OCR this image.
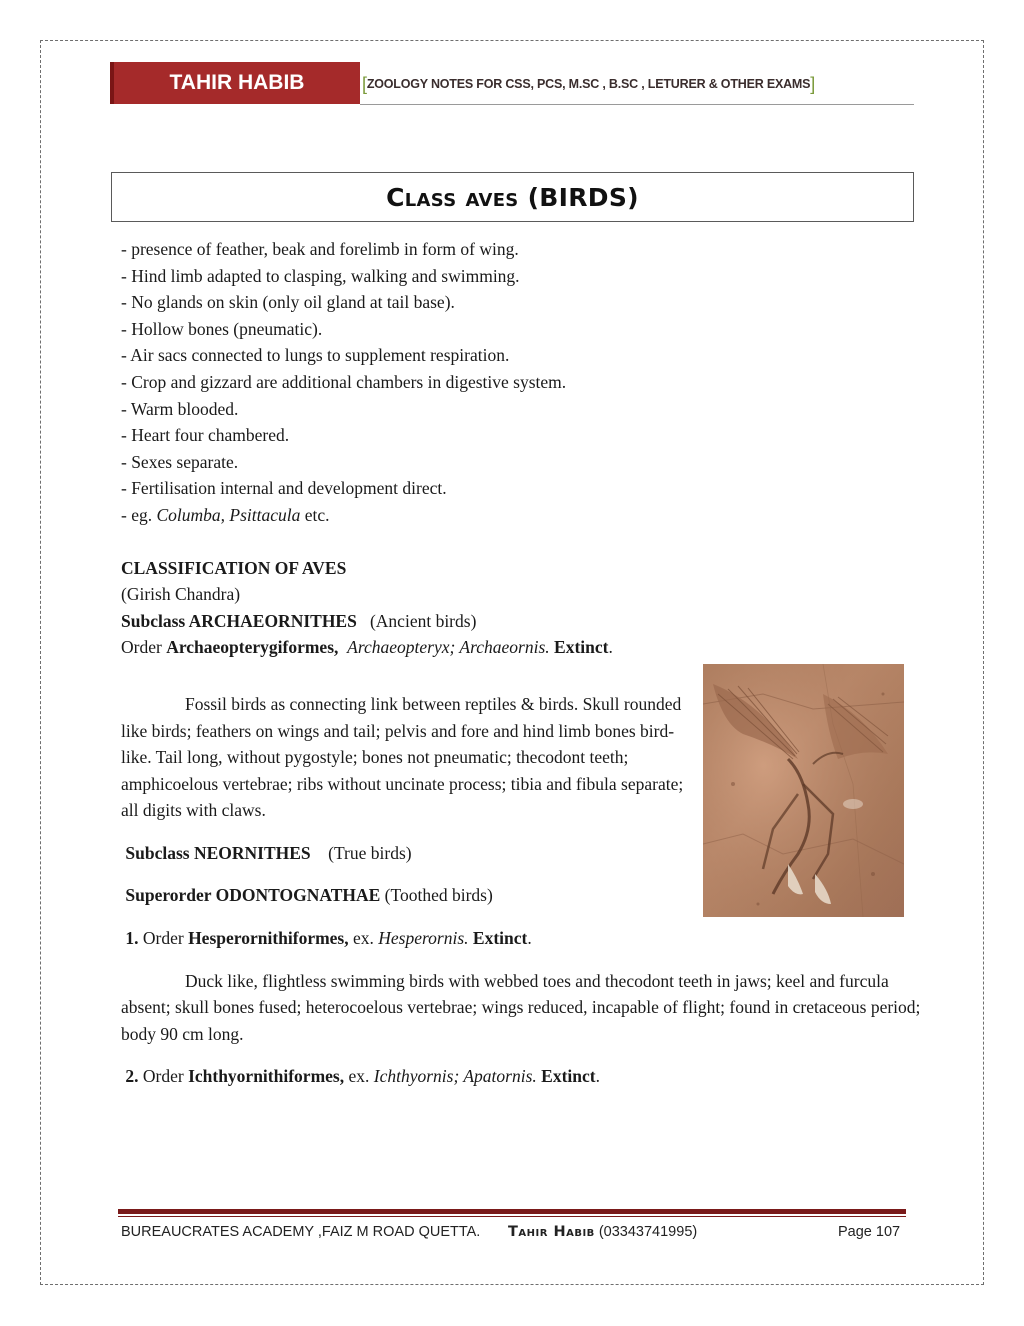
TAHIR HABIB	[ZOOLOGY NOTES FOR CSS, PCS, M.SC , B.SC , LETURER & OTHER EXAMS]
Class aves (BIRDS)

- presence of feather, beak and forelimb in form of wing.

- Hind limb adapted to clasping, walking and swimming.

- No glands on skin (only oil gland at tail base).

- Hollow bones (pneumatic).

- Air sacs connected to lungs to supplement respiration.

- Crop and gizzard are additional chambers in digestive system.

- Warm blooded.

- Heart four chambered.

- Sexes separate.

- Fertilisation internal and development direct.

- eg. Columba, Psittacula etc.

CLASSIFICATION OF AVES

(Girish Chandra)

Subclass ARCHAEORNITHES (Ancient birds)

Order Archaeopterygiformes, Archaeopteryx; Archaeornis. Extinct.

Fossil birds as connecting link between reptiles & birds. Skull rounded like birds; feathers on wings and tail; pelvis and fore and hind limb bones bird-like. Tail long, without pygostyle; bones not pneumatic; thecodont teeth; amphicoelous vertebrae; ribs without uncinate process; tibia and fibula separate; all digits with claws.

Subclass NEORNITHES (True birds)

Superorder ODONTOGNATHAE (Toothed birds)

1. Order Hesperornithiformes, ex. Hesperornis. Extinct.

Duck like, flightless swimming birds with webbed toes and thecodont teeth in jaws; keel and furcula absent; skull bones fused; heterocoelous vertebrae; wings reduced, incapable of flight; found in cretaceous period; body 90 cm long.

2. Order Ichthyornithiformes, ex. Ichthyornis; Apatornis. Extinct.

BUREAUCRATES ACADEMY ,FAIZ M ROAD QUETTA. Tahir Habib (03343741995)	Page 107
